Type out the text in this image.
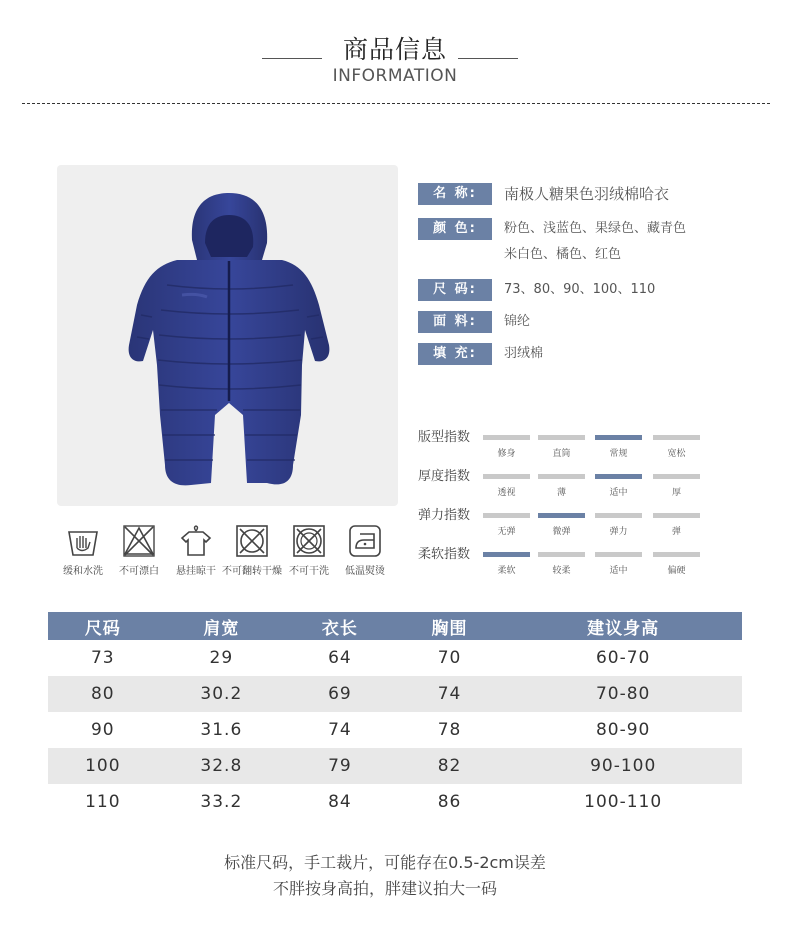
商品信息
INFORMATION
缓和水洗	不可漂白	悬挂晾干 不可翻转干燥 不可干洗	低温熨烫
名 称:	南极人糖果色羽绒棉哈衣
颜 色:	粉色、浅蓝色、果绿色、藏青色
米白色、橘色、红色
尺 码:	73、80、90、100、110
面 料:	锦纶
填 充:	羽绒棉
版型指数
修身	直筒	常规	宽松
厚度指数
透视	薄	适中	厚
弹力指数
无弹	微弹	弹力	弹
柔软指数
柔软	较柔	适中	偏硬
尺码	肩宽	衣长	胸围	建议身高
73	29	64	70	60-70
80	30.2	69	74	70-80
90	31.6	74	78	80-90
100	32.8	79	82	90-100
110	33.2	84	86	100-110
标准尺码，手工裁片，可能存在0.5-2cm误差
不胖按身高拍，胖建议拍大一码
